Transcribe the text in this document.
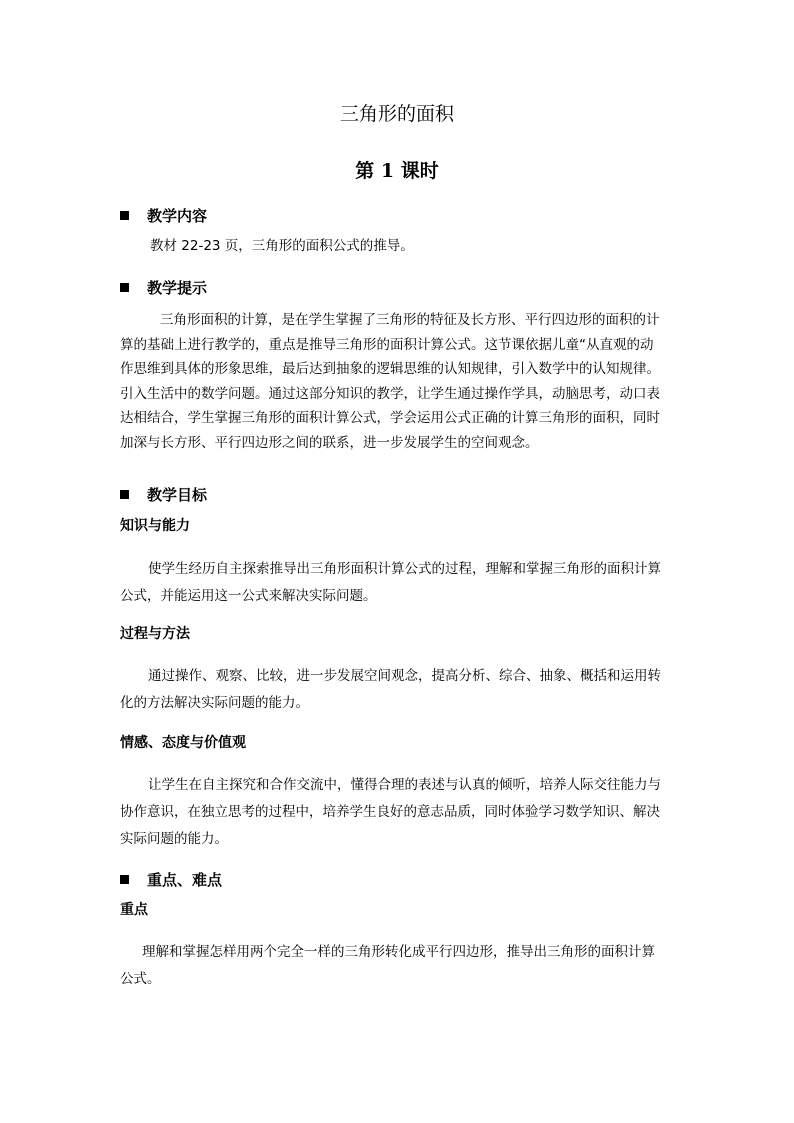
三角形的面积
第 1 课时
教学内容
教材 22-23 页，三角形的面积公式的推导。
教学提示
三角形面积的计算，是在学生掌握了三角形的特征及长方形、平行四边形的面积的计
算的基础上进行教学的，重点是推导三角形的面积计算公式。这节课依据儿童“从直观的动
作思维到具体的形象思维，最后达到抽象的逻辑思维的认知规律，引入数学中的认知规律。
引入生活中的数学问题。通过这部分知识的教学，让学生通过操作学具，动脑思考，动口表
达相结合，学生掌握三角形的面积计算公式，学会运用公式正确的计算三角形的面积，同时
加深与长方形、平行四边形之间的联系，进一步发展学生的空间观念。
教学目标
知识与能力
使学生经历自主探索推导出三角形面积计算公式的过程，理解和掌握三角形的面积计算
公式，并能运用这一公式来解决实际问题。
过程与方法
通过操作、观察、比较，进一步发展空间观念，提高分析、综合、抽象、概括和运用转
化的方法解决实际问题的能力。
情感、态度与价值观
让学生在自主探究和合作交流中，懂得合理的表述与认真的倾听，培养人际交往能力与
协作意识，在独立思考的过程中，培养学生良好的意志品质，同时体验学习数学知识、解决
实际问题的能力。
重点、难点
重点
理解和掌握怎样用两个完全一样的三角形转化成平行四边形，推导出三角形的面积计算
公式。
